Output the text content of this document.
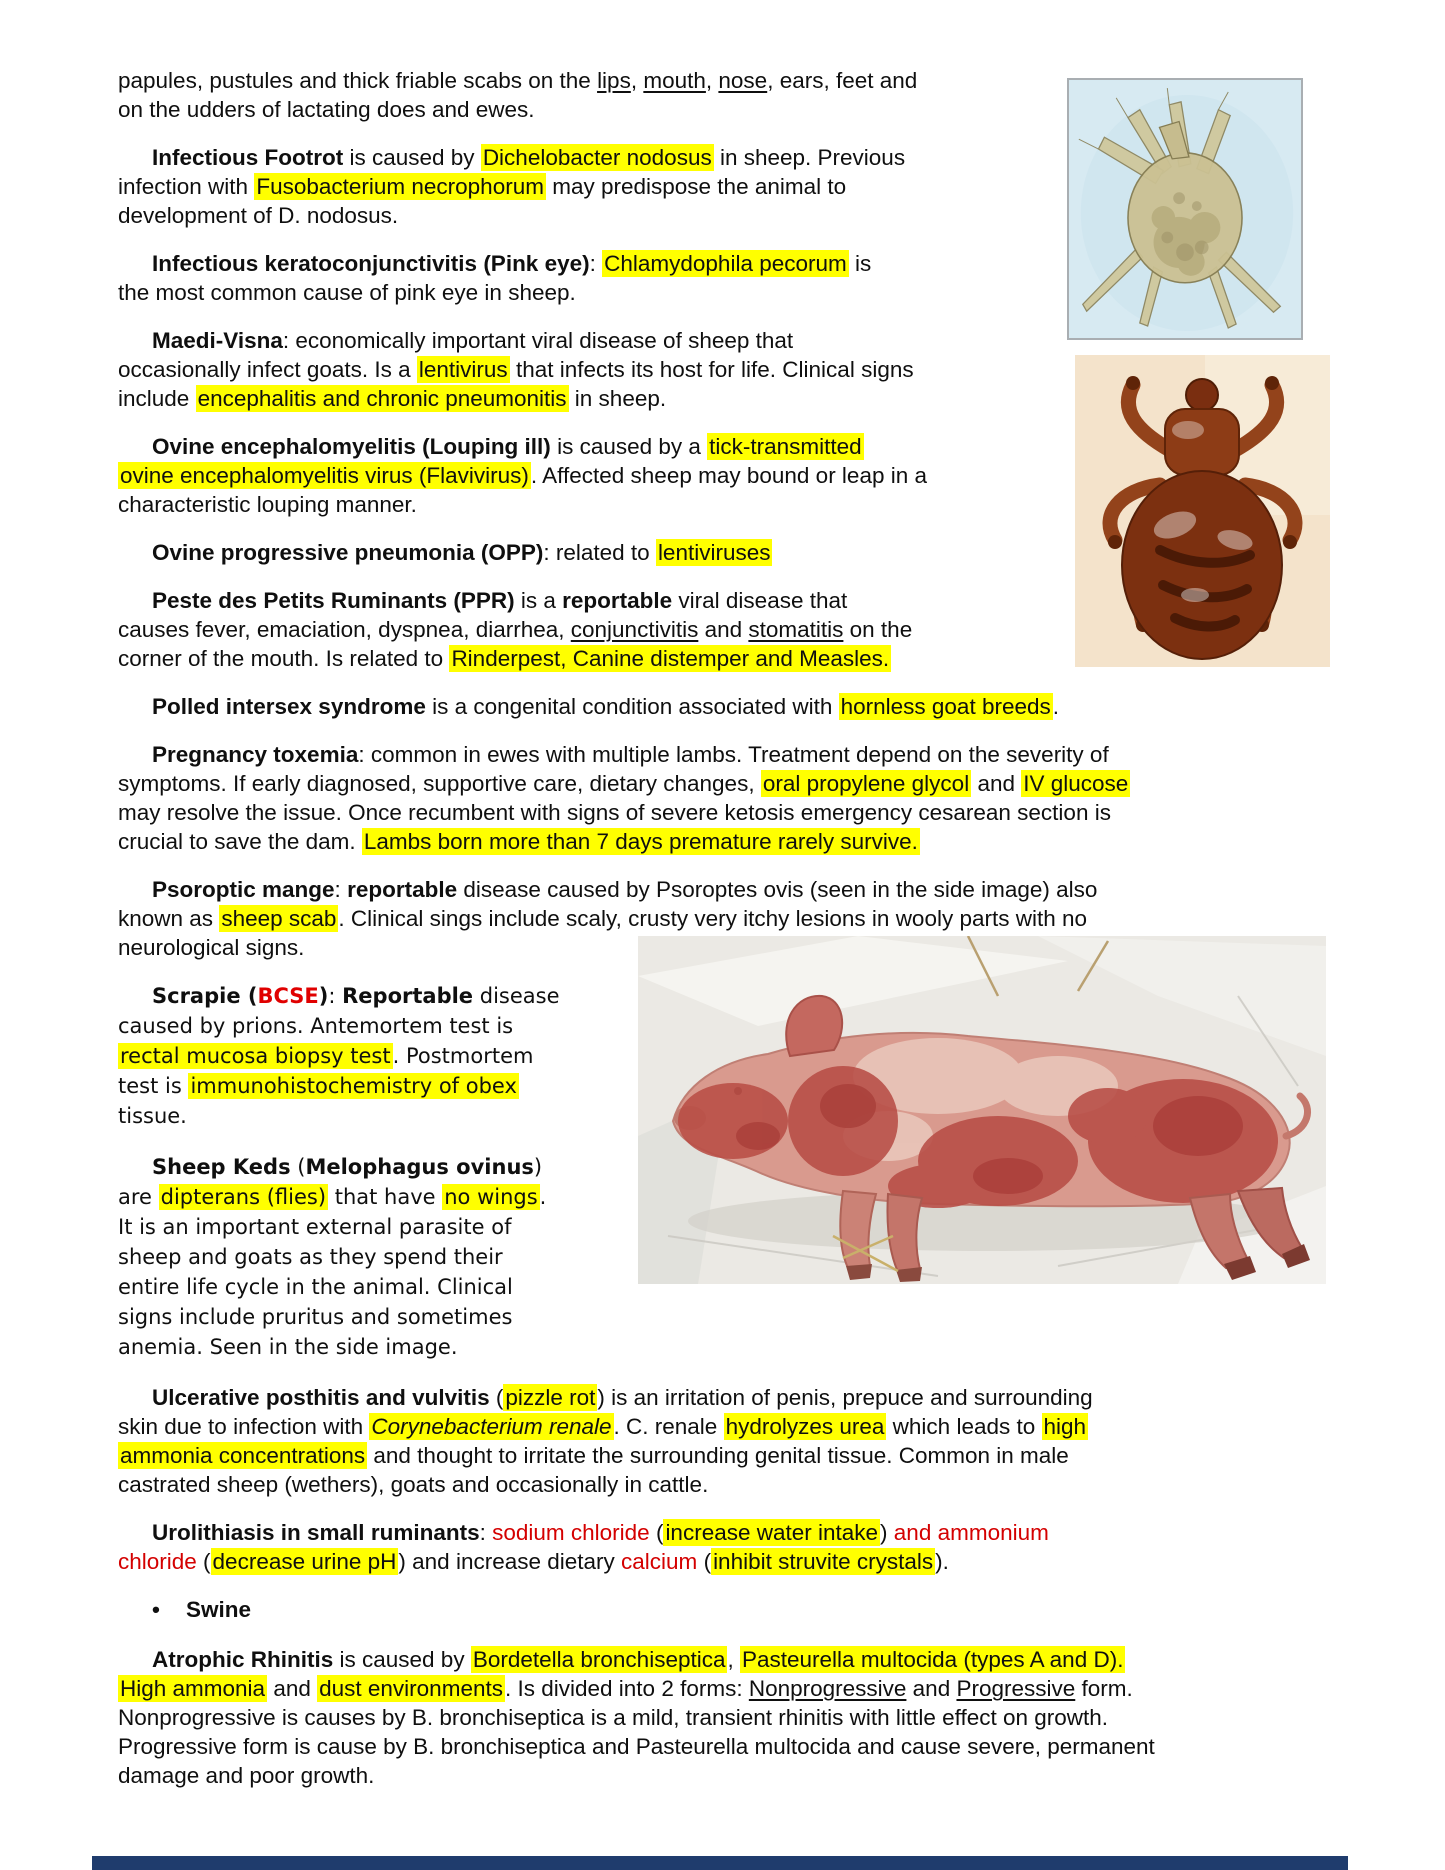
papules, pustules and thick friable scabs on the lips, mouth, nose, ears, feet and
on the udders of lactating does and ewes.

Infectious Footrot is caused by Dichelobacter nodosus in sheep. Previous
infection with Fusobacterium necrophorum may predispose the animal to
development of D. nodosus.

Infectious keratoconjunctivitis (Pink eye): Chlamydophila pecorum is
the most common cause of pink eye in sheep.

Maedi-Visna: economically important viral disease of sheep that
occasionally infect goats. Is a lentivirus that infects its host for life. Clinical signs
include encephalitis and chronic pneumonitis in sheep.

Ovine encephalomyelitis (Louping ill) is caused by a tick-transmitted
ovine encephalomyelitis virus (Flavivirus). Affected sheep may bound or leap in a
characteristic louping manner.

Ovine progressive pneumonia (OPP): related to lentiviruses

Peste des Petits Ruminants (PPR) is a reportable viral disease that
causes fever, emaciation, dyspnea, diarrhea, conjunctivitis and stomatitis on the
corner of the mouth. Is related to Rinderpest, Canine distemper and Measles.

Polled intersex syndrome is a congenital condition associated with hornless goat breeds.

Pregnancy toxemia: common in ewes with multiple lambs. Treatment depend on the severity of
symptoms. If early diagnosed, supportive care, dietary changes, oral propylene glycol and IV glucose
may resolve the issue. Once recumbent with signs of severe ketosis emergency cesarean section is
crucial to save the dam. Lambs born more than 7 days premature rarely survive.

Psoroptic mange: reportable disease caused by Psoroptes ovis (seen in the side image) also
known as sheep scab. Clinical sings include scaly, crusty very itchy lesions in wooly parts with no
neurological signs.

Scrapie (BCSE): Reportable disease
caused by prions. Antemortem test is
rectal mucosa biopsy test. Postmortem
test is immunohistochemistry of obex
tissue.

Sheep Keds (Melophagus ovinus)
are dipterans (flies) that have no wings.
It is an important external parasite of
sheep and goats as they spend their
entire life cycle in the animal. Clinical
signs include pruritus and sometimes
anemia. Seen in the side image.

Ulcerative posthitis and vulvitis (pizzle rot) is an irritation of penis, prepuce and surrounding
skin due to infection with Corynebacterium renale. C. renale hydrolyzes urea which leads to high
ammonia concentrations and thought to irritate the surrounding genital tissue. Common in male
castrated sheep (wethers), goats and occasionally in cattle.

Urolithiasis in small ruminants: sodium chloride (increase water intake) and ammonium
chloride (decrease urine pH) and increase dietary calcium (inhibit struvite crystals).

• Swine

Atrophic Rhinitis is caused by Bordetella bronchiseptica, Pasteurella multocida (types A and D).
High ammonia and dust environments. Is divided into 2 forms: Nonprogressive and Progressive form.
Nonprogressive is causes by B. bronchiseptica is a mild, transient rhinitis with little effect on growth.
Progressive form is cause by B. bronchiseptica and Pasteurella multocida and cause severe, permanent
damage and poor growth.
